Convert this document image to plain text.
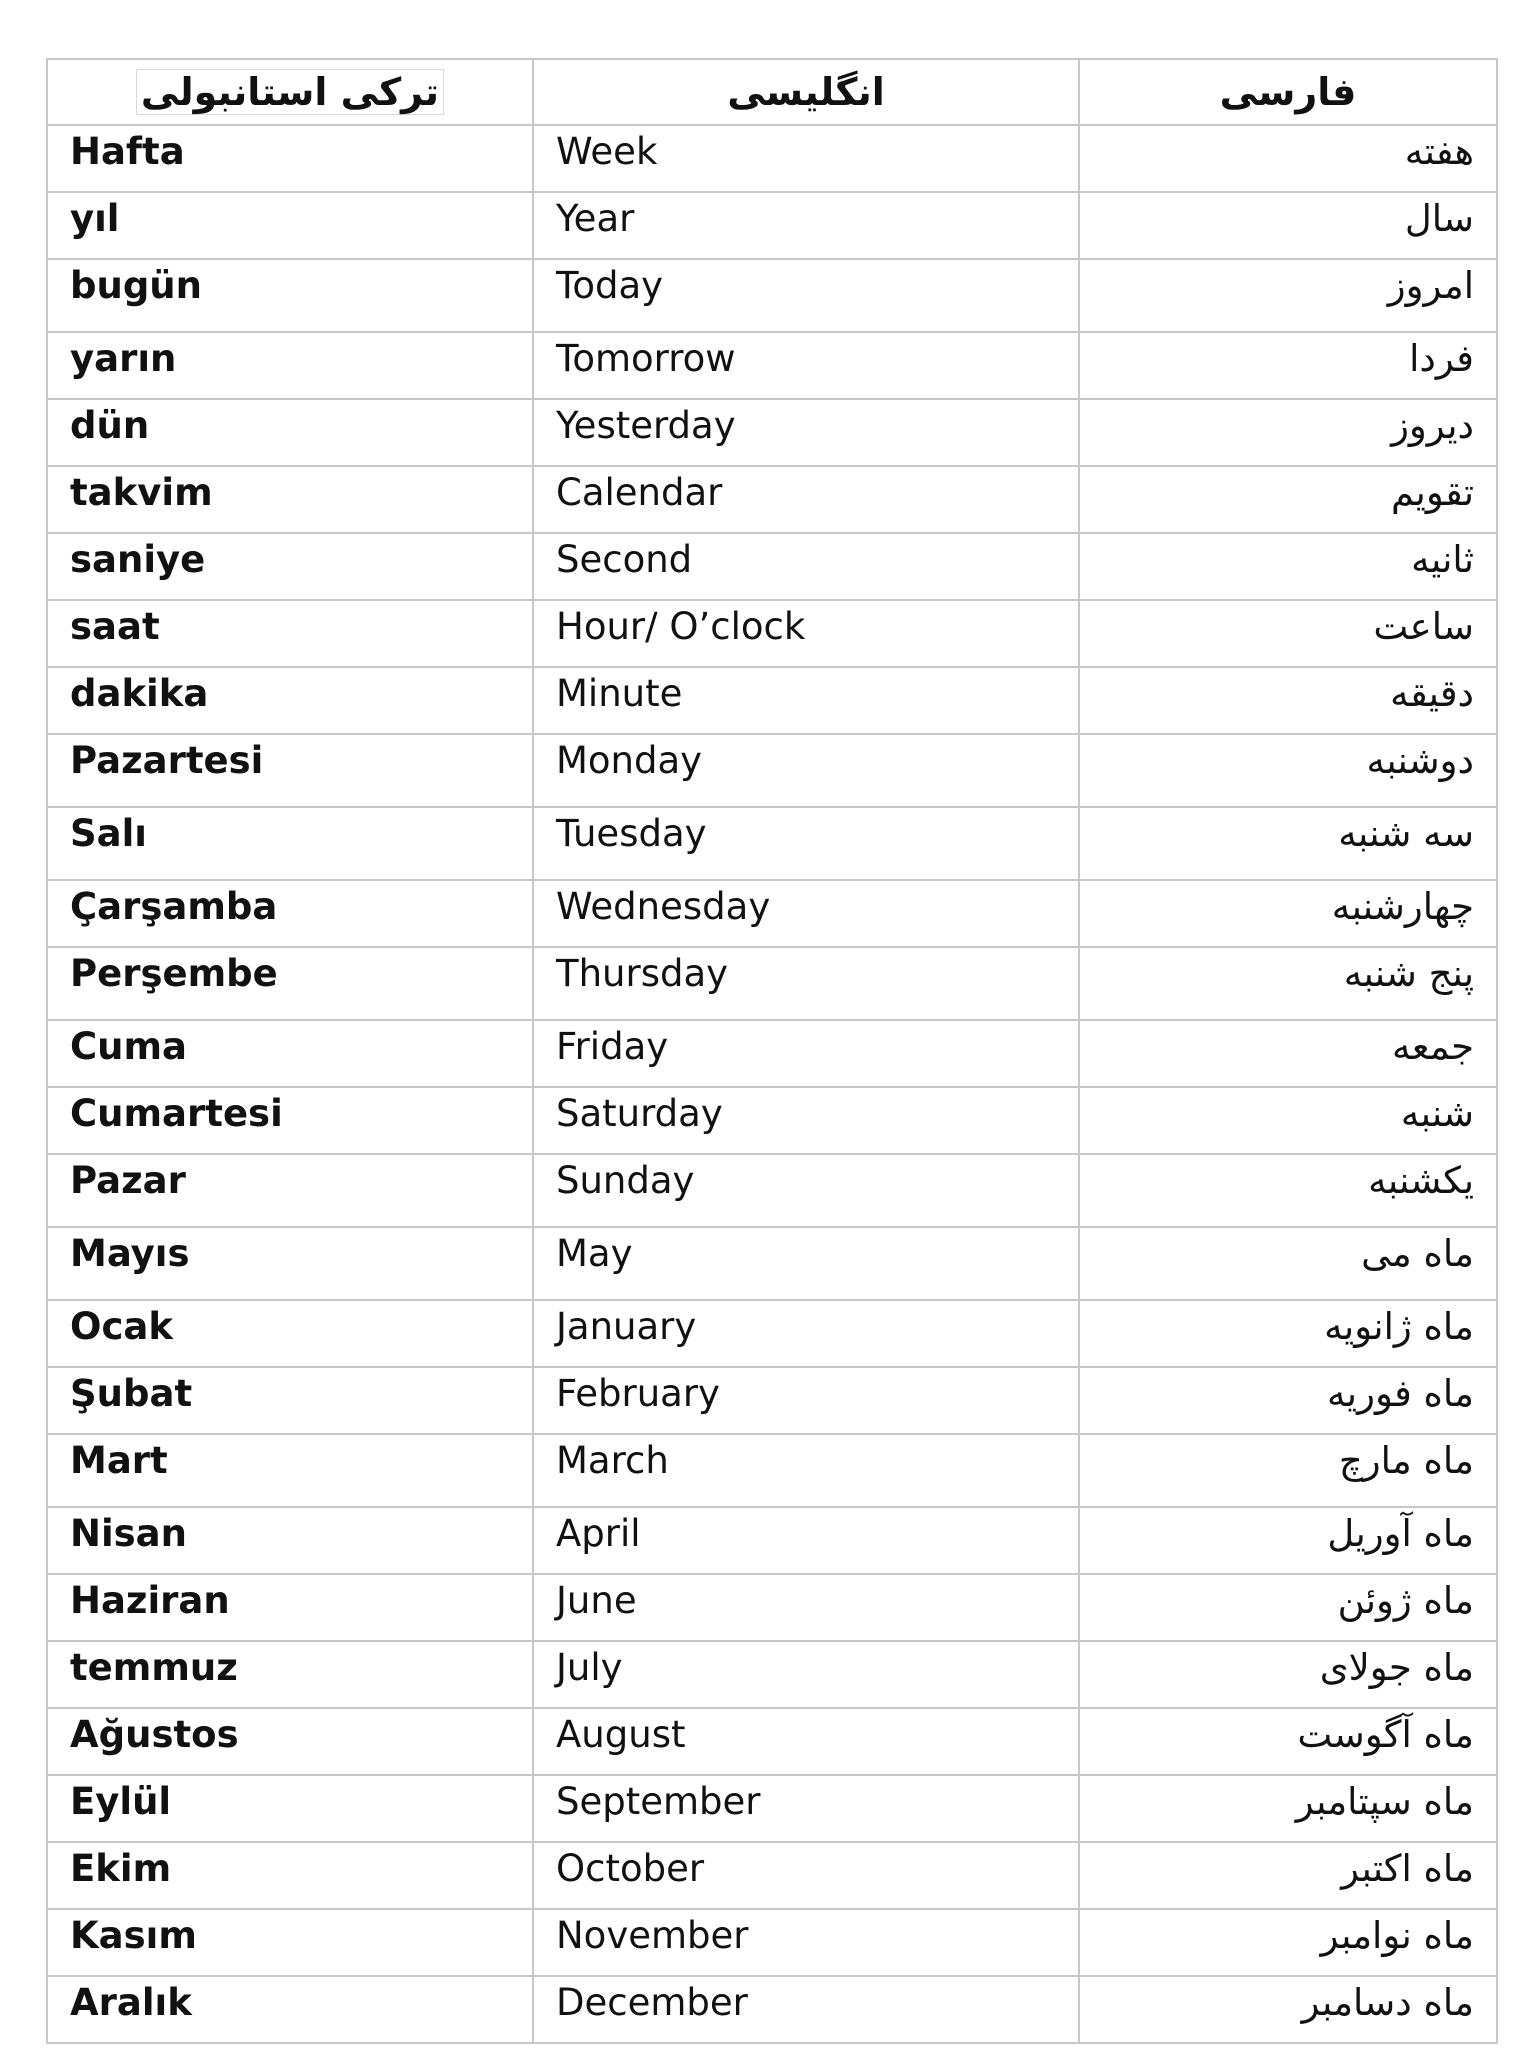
ترکی استانبولی	انگلیسی	فارسی
Hafta	Week	هفته
yıl	Year	سال
bugün	Today	امروز
yarın	Tomorrow	فردا
dün	Yesterday	دیروز
takvim	Calendar	تقویم
saniye	Second	ثانیه
saat	Hour/ O’clock	ساعت
dakika	Minute	دقیقه
Pazartesi	Monday	دوشنبه
Salı	Tuesday	سه شنبه
Çarşamba	Wednesday	چهارشنبه
Perşembe	Thursday	پنج شنبه
Cuma	Friday	جمعه
Cumartesi	Saturday	شنبه
Pazar	Sunday	یکشنبه
Mayıs	May	ماه می
Ocak	January	ماه ژانویه
Şubat	February	ماه فوریه
Mart	March	ماه مارچ
Nisan	April	ماه آوریل
Haziran	June	ماه ژوئن
temmuz	July	ماه جولای
Ağustos	August	ماه آگوست
Eylül	September	ماه سپتامبر
Ekim	October	ماه اکتبر
Kasım	November	ماه نوامبر
Aralık	December	ماه دسامبر
